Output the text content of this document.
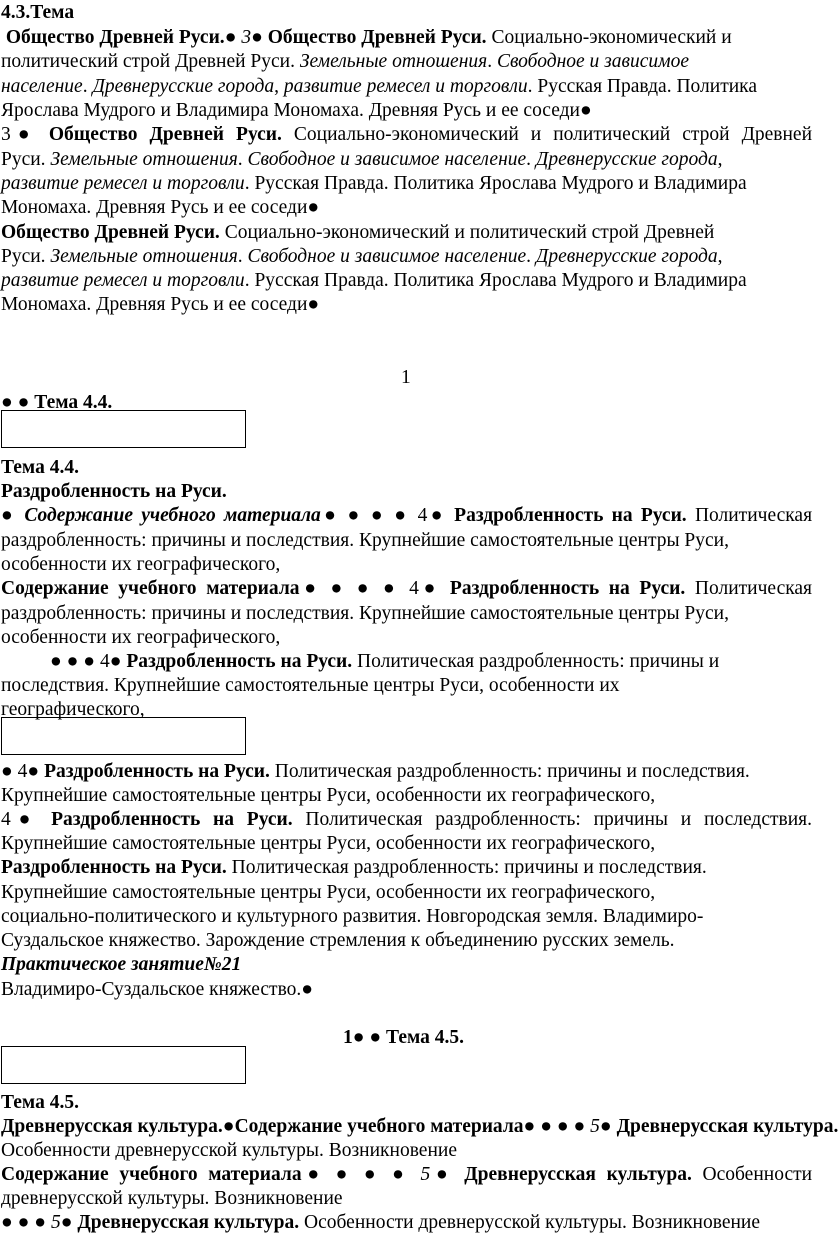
4.3.Тема
Общество Древней Руси.● 3● Общество Древней Руси. Социально-экономический и
политический строй Древней Руси. Земельные отношения. Свободное и зависимое
население. Древнерусские города, развитие ремесел и торговли. Русская Правда. Политика
Ярослава Мудрого и Владимира Мономаха. Древняя Русь и ее соседи●
3● Общество Древней Руси. Социально-экономический и политический строй Древней
Руси. Земельные отношения. Свободное и зависимое население. Древнерусские города,
развитие ремесел и торговли. Русская Правда. Политика Ярослава Мудрого и Владимира
Мономаха. Древняя Русь и ее соседи●
Общество Древней Руси. Социально-экономический и политический строй Древней
Руси. Земельные отношения. Свободное и зависимое население. Древнерусские города,
развитие ремесел и торговли. Русская Правда. Политика Ярослава Мудрого и Владимира
Мономаха. Древняя Русь и ее соседи●
1
● ● Тема 4.4.
Тема 4.4.
Раздробленность на Руси.
● Содержание учебного материала● ● ● ● 4● Раздробленность на Руси. Политическая
раздробленность: причины и последствия. Крупнейшие самостоятельные центры Руси,
особенности их географического,
Содержание учебного материала● ● ● ● 4● Раздробленность на Руси. Политическая
раздробленность: причины и последствия. Крупнейшие самостоятельные центры Руси,
особенности их географического,
● ● ● 4● Раздробленность на Руси. Политическая раздробленность: причины и
последствия. Крупнейшие самостоятельные центры Руси, особенности их
географического,
● 4● Раздробленность на Руси. Политическая раздробленность: причины и последствия.
Крупнейшие самостоятельные центры Руси, особенности их географического,
4● Раздробленность на Руси. Политическая раздробленность: причины и последствия.
Крупнейшие самостоятельные центры Руси, особенности их географического,
Раздробленность на Руси. Политическая раздробленность: причины и последствия.
Крупнейшие самостоятельные центры Руси, особенности их географического,
социально-политического и культурного развития. Новгородская земля. Владимиро-
Суздальское княжество. Зарождение стремления к объединению русских земель.
Практическое занятие№21
Владимиро-Суздальское княжество.●
1● ● Тема 4.5.
Тема 4.5.
Древнерусская культура.●Содержание учебного материала● ● ● ● 5● Древнерусская культура.
Особенности древнерусской культуры. Возникновение
Содержание учебного материала● ● ● ● 5● Древнерусская культура. Особенности
древнерусской культуры. Возникновение
● ● ● 5● Древнерусская культура. Особенности древнерусской культуры. Возникновение
